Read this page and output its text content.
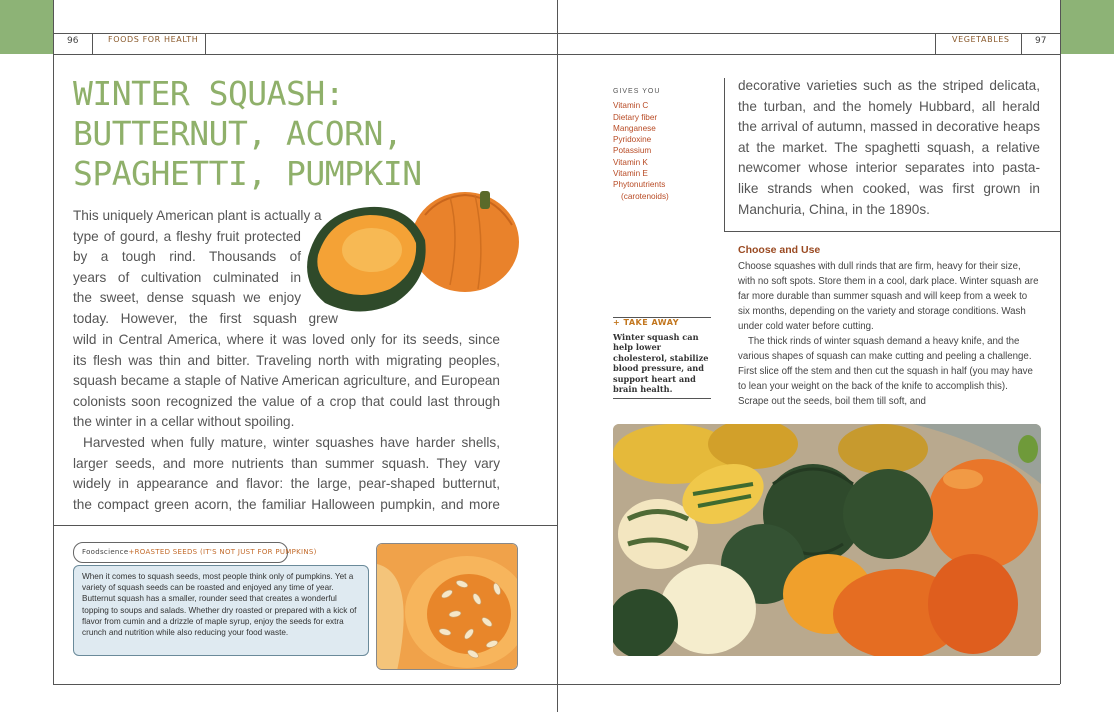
96	FOODS FOR HEALTH	VEGETABLES	97
WINTER SQUASH:
BUTTERNUT, ACORN,
SPAGHETTI, PUMPKIN
This uniquely American plant is actually a
type of gourd, a fleshy fruit protected
by a tough rind. Thousands of
years of cultivation culminated in
the sweet, dense squash we enjoy
today. However, the first squash grew
wild in Central America, where it was loved only for its seeds, since
its flesh was thin and bitter. Traveling north with migrating peoples,
squash became a staple of Native American agriculture, and European
colonists soon recognized the value of a crop that could last through
the winter in a cellar without spoiling.
Harvested when fully mature, winter squashes have harder shells,
larger seeds, and more nutrients than summer squash. They vary
widely in appearance and flavor: the large, pear-shaped butternut,
the compact green acorn, the familiar Halloween pumpkin, and more
Foodscience+ROASTED SEEDS (IT'S NOT JUST FOR PUMPKINS)

When it comes to squash seeds, most people think only of pumpkins. Yet a variety of squash seeds can be roasted and enjoyed any time of year. Butternut squash has a smaller, rounder seed that creates a wonderful topping to soups and salads. Whether dry roasted or prepared with a kick of flavor from cumin and a drizzle of maple syrup, enjoy the seeds for extra crunch and nutrition while also reducing your food waste.

GIVES YOU
Vitamin C
Dietary fiber
Manganese
Pyridoxine
Potassium
Vitamin K
Vitamin E
Phytonutrients
(carotenoids)
+ TAKE AWAY
Winter squash can help lower cholesterol, stabilize blood pressure, and support heart and brain health.
decorative varieties such as the striped delicata,
the turban, and the homely Hubbard, all herald
the arrival of autumn, massed in decorative heaps
at the market. The spaghetti squash, a relative
newcomer whose interior separates into pasta-
like strands when cooked, was first grown in
Manchuria, China, in the 1890s.
Choose and Use

Choose squashes with dull rinds that are firm, heavy for their size, with no soft spots. Store them in a cool, dark place. Winter squash are far more durable than summer squash and will keep from a week to six months, depending on the variety and storage conditions. Wash under cold water before cutting.

The thick rinds of winter squash demand a heavy knife, and the various shapes of squash can make cutting and peeling a challenge. First slice off the stem and then cut the squash in half (you may have to lean your weight on the back of the knife to accomplish this). Scrape out the seeds, boil them till soft, and
